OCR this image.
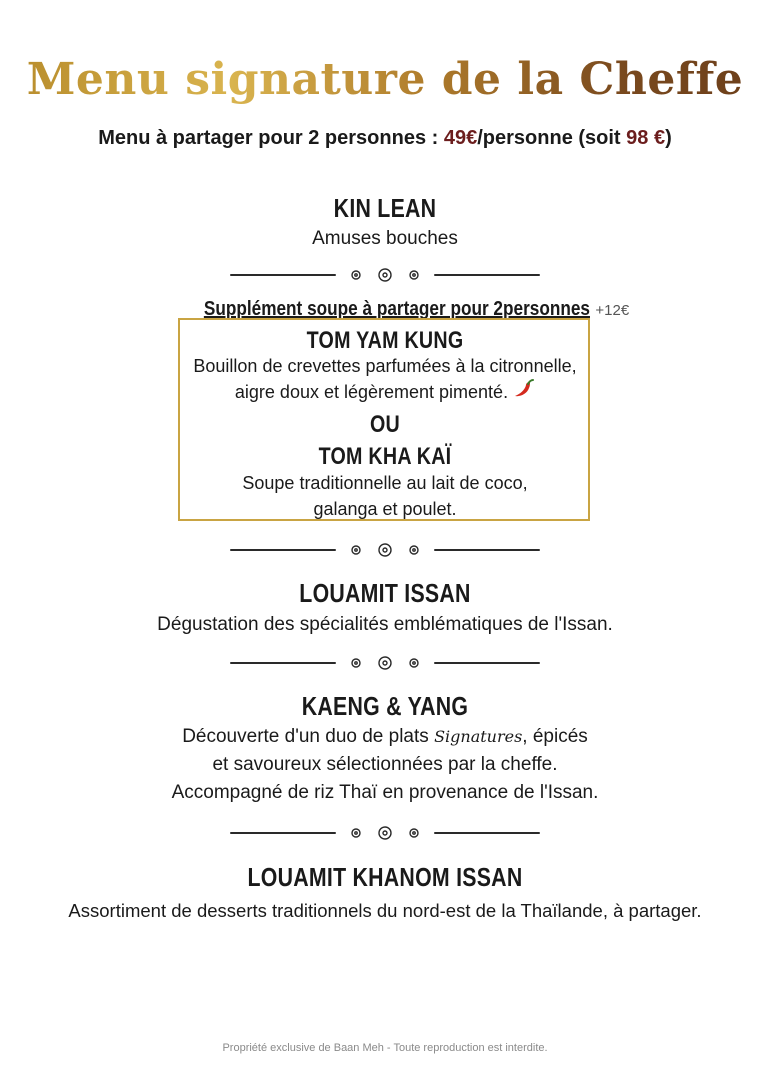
Menu signature de la Cheffe
Menu à partager pour 2 personnes : 49€/personne (soit 98 €)
KIN LEAN
Amuses bouches
Supplément soupe à partager pour 2personnes +12€
TOM YAM KUNG
Bouillon de crevettes parfumées à la citronnelle,
aigre doux et légèrement pimenté.
OU
TOM KHA KAÏ
Soupe traditionnelle au lait de coco,
galanga et poulet.
LOUAMIT ISSAN
Dégustation des spécialités emblématiques de l'Issan.
KAENG & YANG
Découverte d'un duo de plats Signatures, épicés
et savoureux sélectionnées par la cheffe.
Accompagné de riz Thaï en provenance de l'Issan.
LOUAMIT KHANOM ISSAN
Assortiment de desserts traditionnels du nord-est de la Thaïlande, à partager.
Propriété exclusive de Baan Meh - Toute reproduction est interdite.
